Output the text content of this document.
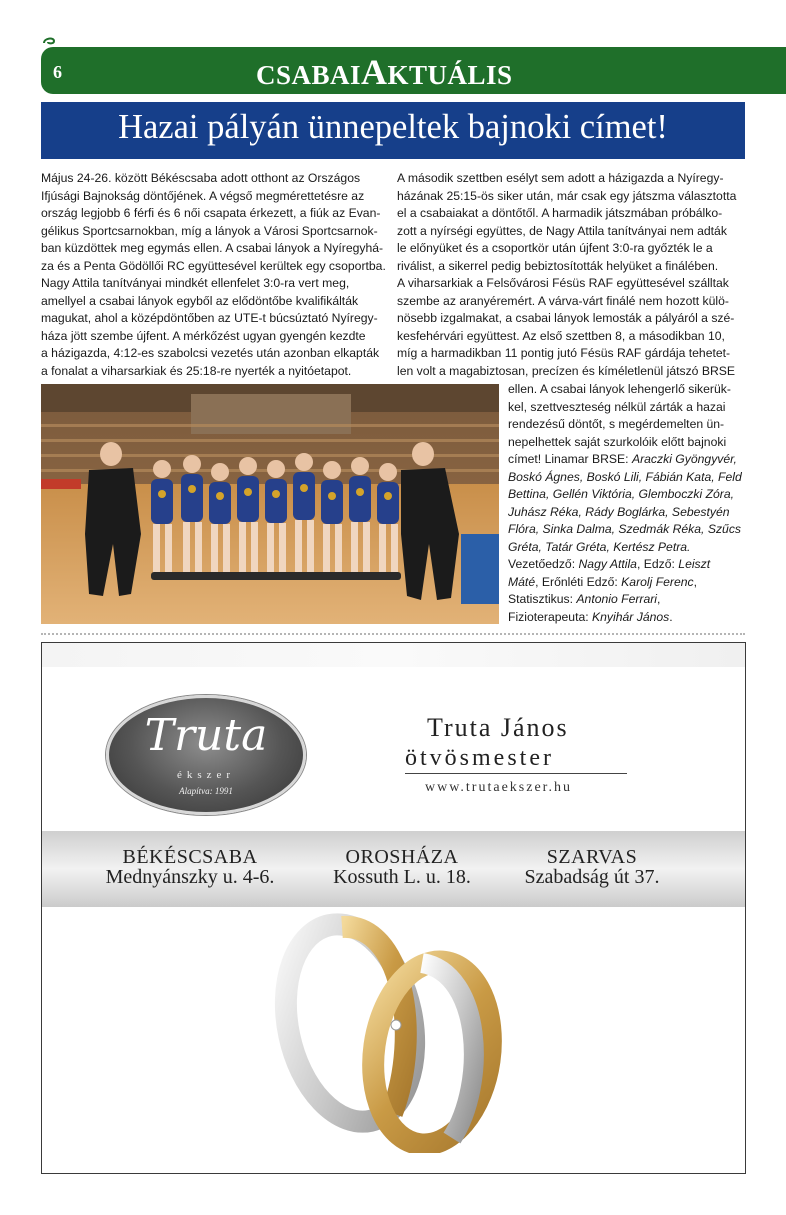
6	CSABAIAKTUÁLIS
Hazai pályán ünnepeltek bajnoki címet!

Május 24-26. között Békéscsaba adott otthont az Országos

Ifjúsági Bajnokság döntőjének. A végső megmérettetésre az

ország legjobb 6 férfi és 6 női csapata érkezett, a fiúk az Evan-

gélikus Sportcsarnokban, míg a lányok a Városi Sportcsarnok-

ban küzdöttek meg egymás ellen. A csabai lányok a Nyíregyhá-

za és a Penta Gödöllői RC együttesével kerültek egy csoportba.

Nagy Attila tanítványai mindkét ellenfelet 3:0-ra vert meg,

amellyel a csabai lányok egyből az elődöntőbe kvalifikálták

magukat, ahol a középdöntőben az UTE-t búcsúztató Nyíregy-

háza jött szembe újfent. A mérkőzést ugyan gyengén kezdte

a házigazda, 4:12-es szabolcsi vezetés után azonban elkapták

a fonalat a viharsarkiak és 25:18-re nyerték a nyitóetapot.

A második szettben esélyt sem adott a házigazda a Nyíregy-

házának 25:15-ös siker után, már csak egy játszma választotta

el a csabaiakat a döntőtől. A harmadik játszmában próbálko-

zott a nyírségi együttes, de Nagy Attila tanítványai nem adták

le előnyüket és a csoportkör után újfent 3:0-ra győzték le a

riválist, a sikerrel pedig bebiztosították helyüket a finálében.

A viharsarkiak a Felsővárosi Fésüs RAF együttesével szálltak

szembe az aranyéremért. A várva-várt finálé nem hozott külö-

nösebb izgalmakat, a csabai lányok lemosták a pályáról a szé-

kesfehérvári együttest. Az első szettben 8, a másodikban 10,

míg a harmadikban 11 pontig jutó Fésüs RAF gárdája tehetet-

len volt a magabiztosan, precízen és kíméletlenül játszó BRSE

ellen. A csabai lányok lehengerlő sikerük-

kel, szettveszteség nélkül zárták a hazai

rendezésű döntőt, s megérdemelten ün-

nepelhettek saját szurkolóik előtt bajnoki

címet! Linamar BRSE: Araczki Gyöngyvér,

Boskó Ágnes, Boskó Lili, Fábián Kata, Feld

Bettina, Gellén Viktória, Glemboczki Zóra,

Juhász Réka, Rády Boglárka, Sebestyén

Flóra, Sinka Dalma, Szedmák Réka, Szűcs

Gréta, Tatár Gréta, Kertész Petra.

Vezetőedző: Nagy Attila, Edző: Leiszt

Máté, Erőnléti Edző: Karolj Ferenc,

Statisztikus: Antonio Ferrari,

Fizioterapeuta: Knyihár János.

Truta
ékszer
Alapítva: 1991
Truta János
ötvösmester
www.trutaekszer.hu
BÉKÉSCSABA
Mednyánszky u. 4-6.
OROSHÁZA
Kossuth L. u. 18.
SZARVAS
Szabadság út 37.
